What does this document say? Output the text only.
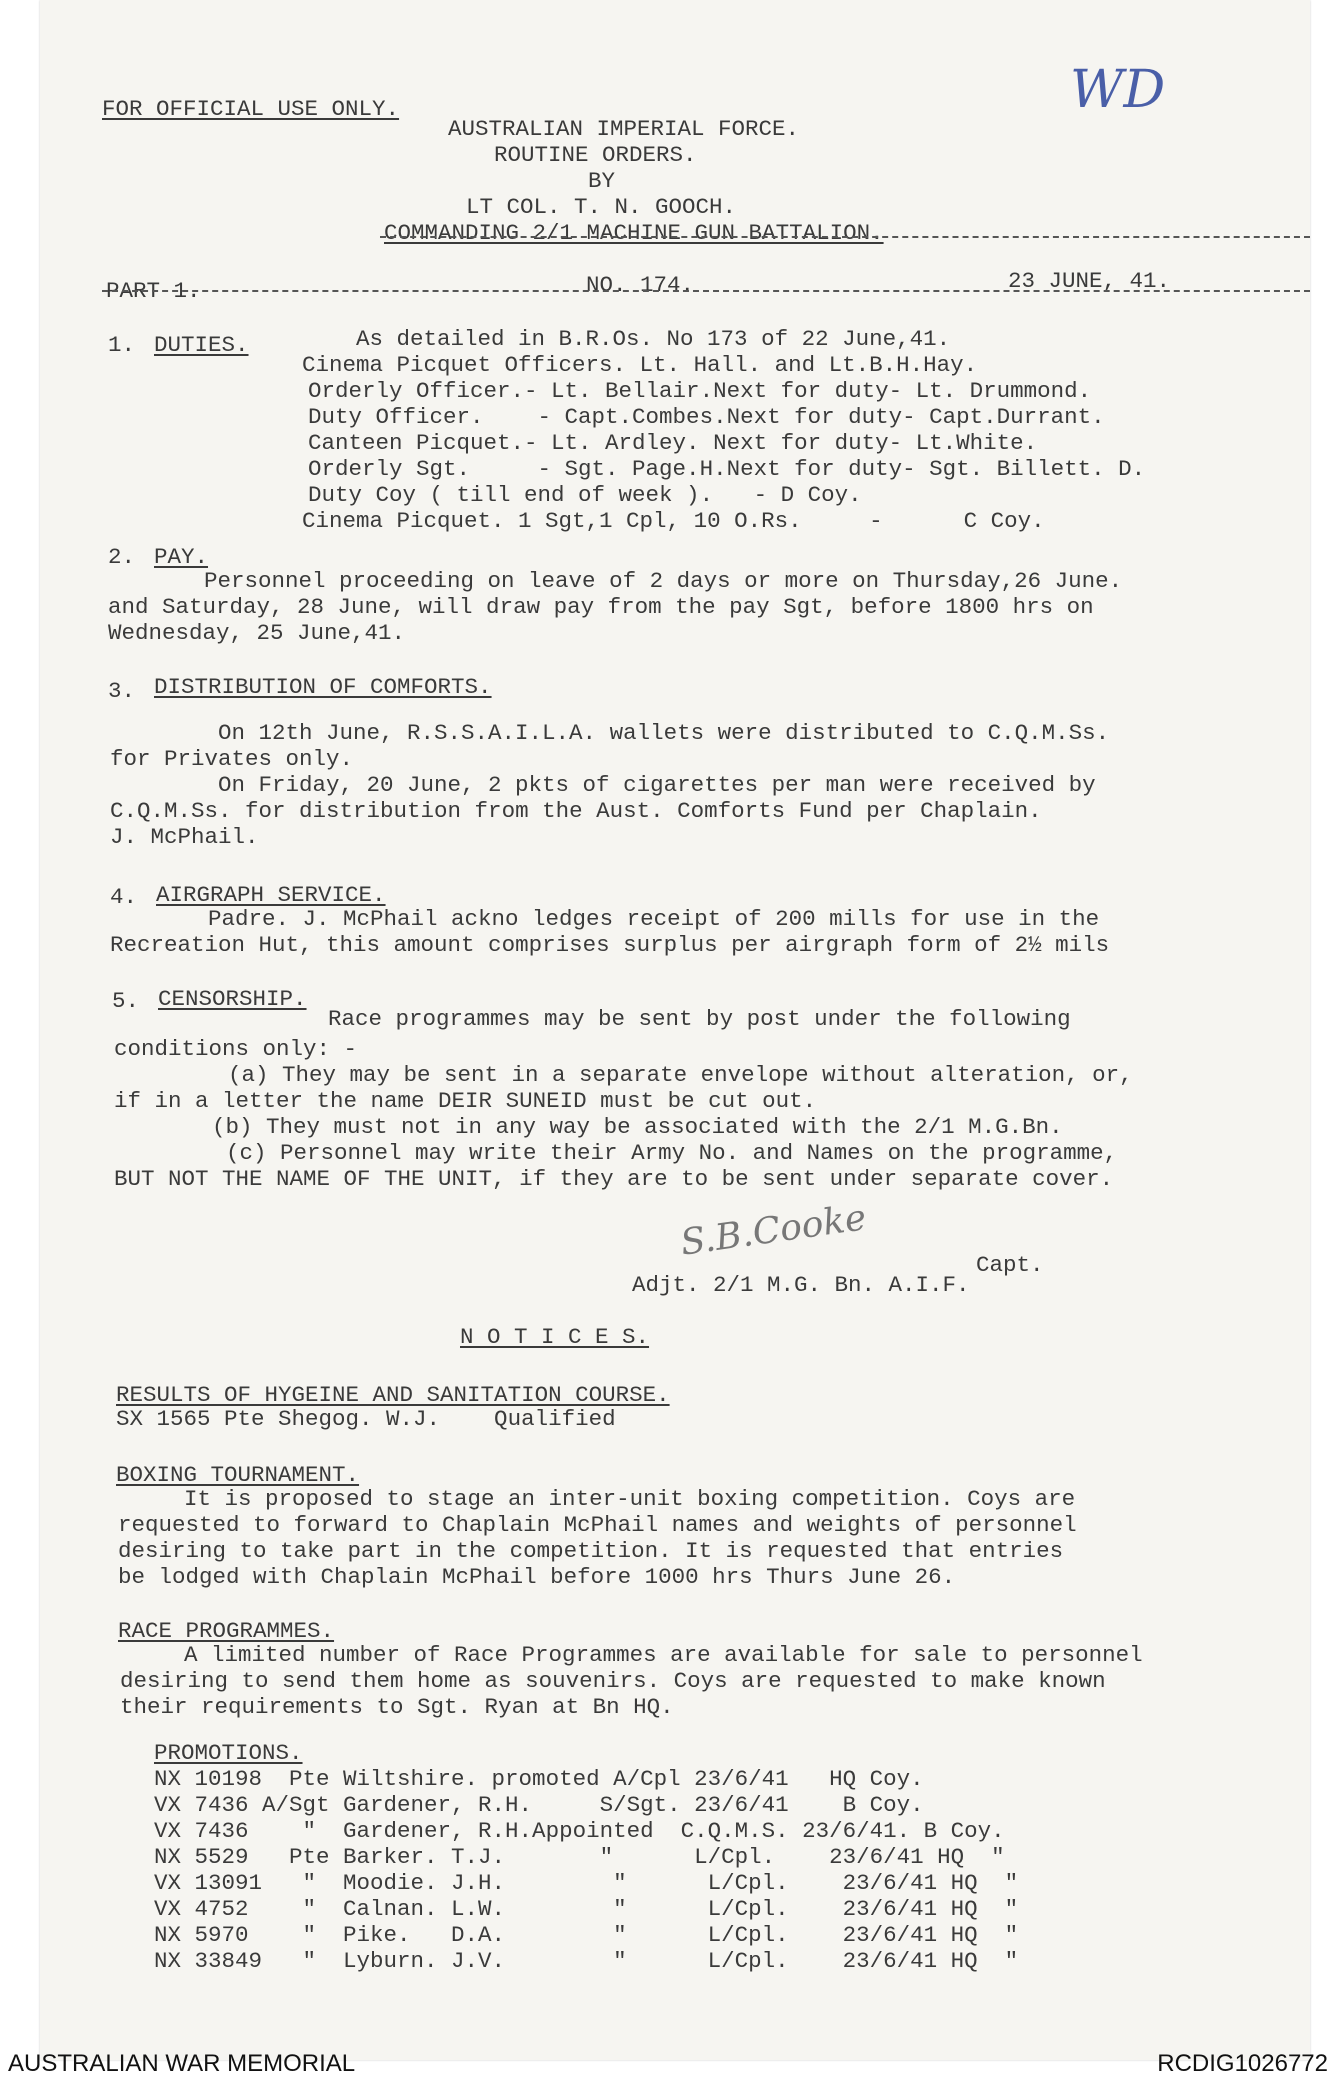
FOR OFFICIAL USE ONLY.	WD
AUSTRALIAN IMPERIAL FORCE.
ROUTINE ORDERS.
BY
LT COL. T. N. GOOCH.
COMMANDING 2/1 MACHINE GUN BATTALION.
PART 1.	NO. 174.	23 JUNE, 41.
1. DUTIES.	As detailed in B.R.Os. No 173 of 22 June,41.
Cinema Picquet Officers. Lt. Hall. and Lt.B.H.Hay.
Orderly Officer.- Lt. Bellair.Next for duty- Lt. Drummond.
Duty Officer.    - Capt.Combes.Next for duty- Capt.Durrant.
Canteen Picquet.- Lt. Ardley. Next for duty- Lt.White.
Orderly Sgt.     - Sgt. Page.H.Next for duty- Sgt. Billett. D.
Duty Coy ( till end of week ).   - D Coy.
Cinema Picquet. 1 Sgt,1 Cpl, 10 O.Rs.     -      C Coy.
2. PAY.
Personnel proceeding on leave of 2 days or more on Thursday,26 June.
and Saturday, 28 June, will draw pay from the pay Sgt, before 1800 hrs on
Wednesday, 25 June,41.
3. DISTRIBUTION OF COMFORTS.
On 12th June, R.S.S.A.I.L.A. wallets were distributed to C.Q.M.Ss.
for Privates only.
On Friday, 20 June, 2 pkts of cigarettes per man were received by
C.Q.M.Ss. for distribution from the Aust. Comforts Fund per Chaplain.
J. McPhail.
4. AIRGRAPH SERVICE.
Padre. J. McPhail ackno ledges receipt of 200 mills for use in the
Recreation Hut, this amount comprises surplus per airgraph form of 2½ mils
5. CENSORSHIP.
Race programmes may be sent by post under the following
conditions only: -
(a) They may be sent in a separate envelope without alteration, or,
if in a letter the name DEIR SUNEID must be cut out.
(b) They must not in any way be associated with the 2/1 M.G.Bn.
(c) Personnel may write their Army No. and Names on the programme,
BUT NOT THE NAME OF THE UNIT, if they are to be sent under separate cover.
S.B.Cooke
Capt.
Adjt. 2/1 M.G. Bn. A.I.F.
N O T I C E S.
RESULTS OF HYGEINE AND SANITATION COURSE.
SX 1565 Pte Shegog. W.J.    Qualified
BOXING TOURNAMENT.
It is proposed to stage an inter-unit boxing competition. Coys are
requested to forward to Chaplain McPhail names and weights of personnel
desiring to take part in the competition. It is requested that entries
be lodged with Chaplain McPhail before 1000 hrs Thurs June 26.
RACE PROGRAMMES.
A limited number of Race Programmes are available for sale to personnel
desiring to send them home as souvenirs. Coys are requested to make known
their requirements to Sgt. Ryan at Bn HQ.
PROMOTIONS.
NX 10198  Pte Wiltshire. promoted A/Cpl 23/6/41   HQ Coy.
VX 7436 A/Sgt Gardener, R.H.     S/Sgt. 23/6/41    B Coy.
VX 7436    "  Gardener, R.H.Appointed  C.Q.M.S. 23/6/41. B Coy.
NX 5529   Pte Barker. T.J.       "      L/Cpl.    23/6/41 HQ  "
VX 13091   "  Moodie. J.H.        "      L/Cpl.    23/6/41 HQ  "
VX 4752    "  Calnan. L.W.        "      L/Cpl.    23/6/41 HQ  "
NX 5970    "  Pike.   D.A.        "      L/Cpl.    23/6/41 HQ  "
NX 33849   "  Lyburn. J.V.        "      L/Cpl.    23/6/41 HQ  "
AUSTRALIAN WAR MEMORIAL	RCDIG1026772
